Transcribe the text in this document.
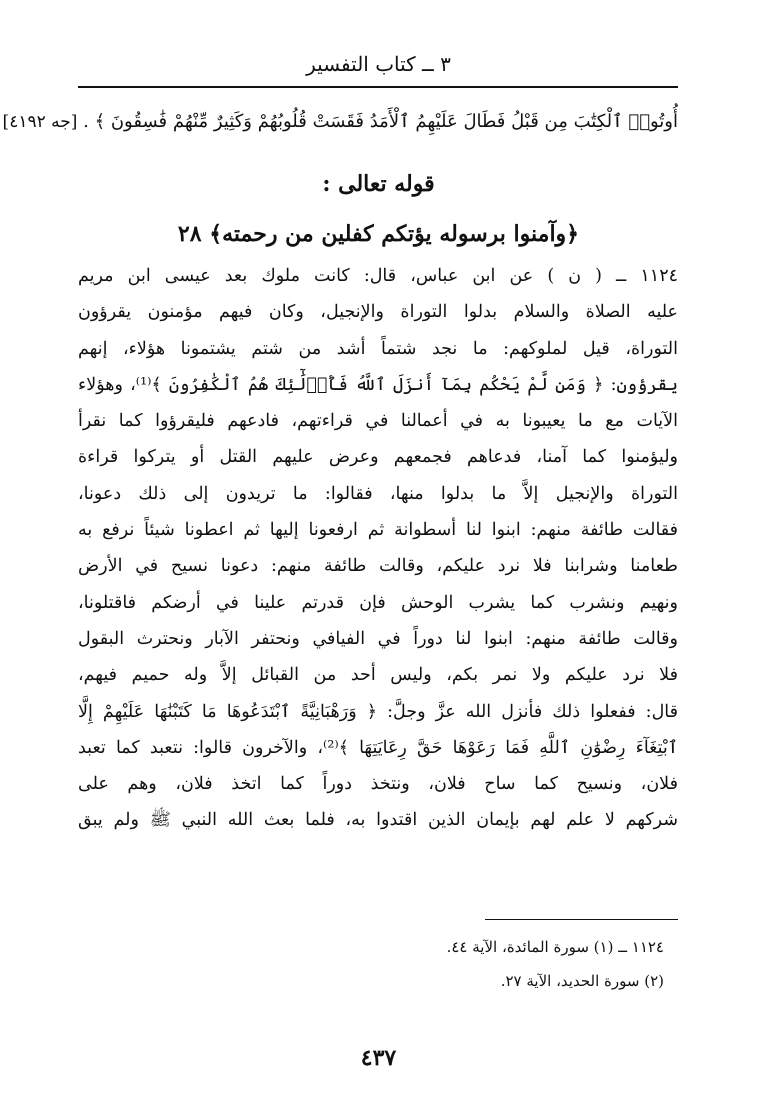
٣ ــ كتاب التفسير
أُوتُوا۟ ٱلْكِتَٰبَ مِن قَبْلُ فَطَالَ عَلَيْهِمُ ٱلْأَمَدُ فَقَسَتْ قُلُوبُهُمْ وَكَثِيرٌ مِّنْهُمْ فَٰسِقُونَ ﴾ . [جه ٤١٩٢]
قوله تعالى :
﴿وآمنوا برسوله يؤتكم كفلين من رحمته﴾ ٢٨
١١٢٤ ــ ( ن ) عن ابن عباس، قال: كانت ملوك بعد عيسى ابن مريم
عليه الصلاة والسلام بدلوا التوراة والإنجيل، وكان فيهم مؤمنون يقرؤون
التوراة، قيل لملوكهم: ما نجد شتماً أشد من شتم يشتمونا هؤلاء، إنهم
يقرؤون: ﴿ وَمَن لَّمْ يَحْكُم بِمَآ أَنزَلَ ٱللَّهُ فَأُو۟لَٰٓئِكَ هُمُ ٱلْكَٰفِرُونَ ﴾⁽¹⁾، وهؤلاء
الآيات مع ما يعيبونا به في أعمالنا في قراءتهم، فادعهم فليقرؤوا كما نقرأ
وليؤمنوا كما آمنا، فدعاهم فجمعهم وعرض عليهم القتل أو يتركوا قراءة
التوراة والإنجيل إلاَّ ما بدلوا منها، فقالوا: ما تريدون إلى ذلك دعونا،
فقالت طائفة منهم: ابنوا لنا أسطوانة ثم ارفعونا إليها ثم اعطونا شيئاً نرفع به
طعامنا وشرابنا فلا نرد عليكم، وقالت طائفة منهم: دعونا نسيح في الأرض
ونهيم ونشرب كما يشرب الوحش فإن قدرتم علينا في أرضكم فاقتلونا،
وقالت طائفة منهم: ابنوا لنا دوراً في الفيافي ونحتفر الآبار ونحترث البقول
فلا نرد عليكم ولا نمر بكم، وليس أحد من القبائل إلاَّ وله حميم فيهم،
قال: ففعلوا ذلك فأنزل الله عزَّ وجلَّ: ﴿ وَرَهْبَانِيَّةً ٱبْتَدَعُوهَا مَا كَتَبْنَٰهَا عَلَيْهِمْ إِلَّا
ٱبْتِغَآءَ رِضْوَٰنِ ٱللَّهِ فَمَا رَعَوْهَا حَقَّ رِعَايَتِهَا ﴾⁽²⁾، والآخرون قالوا: نتعبد كما تعبد
فلان، ونسيح كما ساح فلان، ونتخذ دوراً كما اتخذ فلان، وهم على
شركهم لا علم لهم بإيمان الذين اقتدوا به، فلما بعث الله النبي ﷺ ولم يبق
١١٢٤ ــ (١) سورة المائدة، الآية ٤٤.
(٢) سورة الحديد، الآية ٢٧.
٤٣٧
